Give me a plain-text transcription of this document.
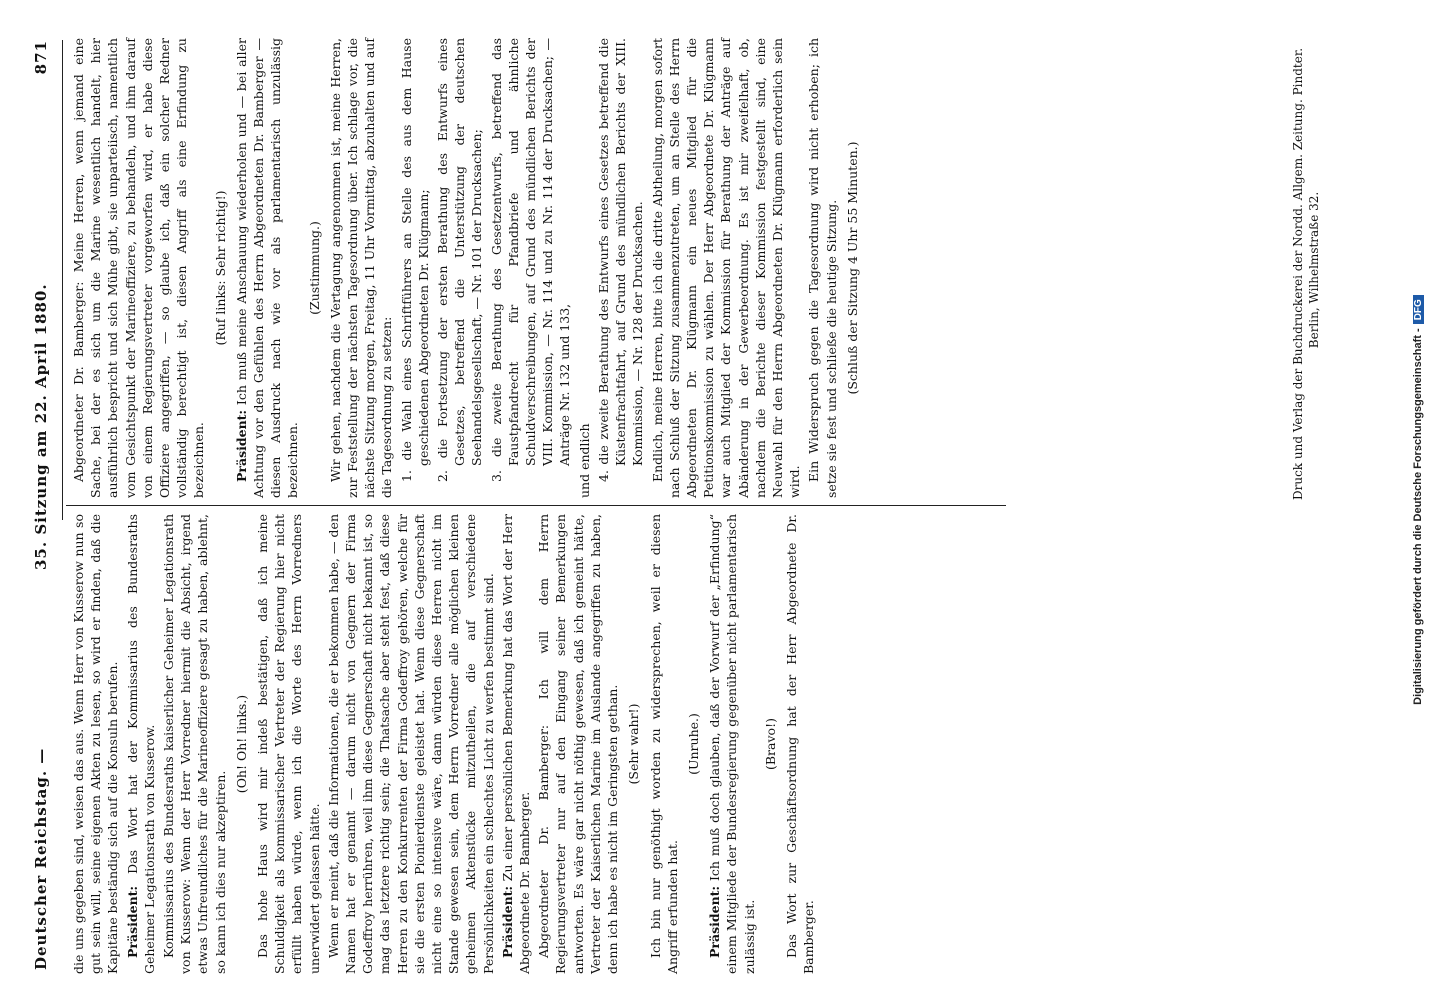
Deutscher Reichstag. —
35. Sitzung am 22. April 1880.
871

die uns gegeben sind, weisen das aus. Wenn Herr von Kusserow nun so gut sein will, seine eigenen Akten zu lesen, so wird er finden, daß die Kapitäne beständig sich auf die Konsuln berufen. Präsident: Das Wort hat der Kommissarius des Bundesraths Geheimer Legationsrath von Kusserow. Kommissarius des Bundesraths kaiserlicher Geheimer Legationsrath von Kusserow: Wenn der Herr Vorredner hiermit die Absicht, irgend etwas Unfreundliches für die Marineoffiziere gesagt zu haben, ablehnt, so kann ich dies nur akzeptiren.

(Oh! Oh! links.) Das hohe Haus wird mir indeß bestätigen, daß ich meine Schuldigkeit als kommissarischer Vertreter der Regierung hier nicht erfüllt haben würde, wenn ich die Worte des Herrn Vorredners unerwidert gelassen hätte. Wenn er meint, daß die Informationen, die er bekommen habe, — den Namen hat er genannt — darum nicht von Gegnern der Firma Godeffroy herrühren, weil ihm diese Gegnerschaft nicht bekannt ist, so mag das letztere richtig sein; die Thatsache aber steht fest, daß diese Herren zu den Konkurrenten der Firma Godeffroy gehören, welche für sie die ersten Pionierdienste geleistet hat. Wenn diese Gegnerschaft nicht eine so intensive wäre, dann würden diese Herren nicht im Stande gewesen sein, dem Herrn Vorredner alle möglichen kleinen geheimen Aktenstücke mitzutheilen, die auf verschiedene Persönlichkeiten ein schlechtes Licht zu werfen bestimmt sind. Präsident: Zu einer persönlichen Bemerkung hat das Wort der Herr Abgeordnete Dr. Bamberger. Abgeordneter Dr. Bamberger: Ich will dem Herrn Regierungsvertreter nur auf den Eingang seiner Bemerkungen antworten. Es wäre gar nicht nöthig gewesen, daß ich gemeint hätte, Vertreter der Kaiserlichen Marine im Auslande angegriffen zu haben, denn ich habe es nicht im Geringsten gethan. (Sehr wahr!) Ich bin nur genöthigt worden zu widersprechen, weil er diesen Angriff erfunden hat.

(Unruhe.)

Präsident: Ich muß doch glauben, daß der Vorwurf der „Erfindung“ einem Mitgliede der Bundesregierung gegenüber nicht parlamentarisch zulässig ist.

(Bravo!) Das Wort zur Geschäftsordnung hat der Herr Abgeordnete Dr. Bamberger.

Abgeordneter Dr. Bamberger: Meine Herren, wenn jemand eine Sache, bei der es sich um die Marine wesentlich handelt, hier ausführlich bespricht und sich Mühe gibt, sie unparteiisch, namentlich vom Gesichtspunkt der Marineoffiziere, zu behandeln, und ihm darauf von einem Regierungsvertreter vorgeworfen wird, er habe diese Offiziere angegriffen, — so glaube ich, daß ein solcher Redner vollständig berechtigt ist, diesen Angriff als eine Erfindung zu bezeichnen.

(Ruf links: Sehr richtig!)

Präsident: Ich muß meine Anschauung wiederholen und — bei aller Achtung vor den Gefühlen des Herrn Abgeordneten Dr. Bamberger — diesen Ausdruck nach wie vor als parlamentarisch unzulässig bezeichnen.

(Zustimmung.) Wir gehen, nachdem die Vertagung angenommen ist, meine Herren, zur Feststellung der nächsten Tagesordnung über. Ich schlage vor, die nächste Sitzung morgen, Freitag, 11 Uhr Vormittag, abzuhalten und auf die Tagesordnung zu setzen: 1. die Wahl eines Schriftführers an Stelle des aus dem Hause geschiedenen Abgeordneten Dr. Klügmann; 2. die Fortsetzung der ersten Berathung des Entwurfs eines Gesetzes, betreffend die Unterstützung der deutschen Seehandelsgesellschaft, — Nr. 101 der Drucksachen; 3. die zweite Berathung des Gesetzentwurfs, betreffend das Faustpfandrecht für Pfandbriefe und ähnliche Schuldverschreibungen, auf Grund des mündlichen Berichts der VIII. Kommission, — Nr. 114 und zu Nr. 114 der Drucksachen; — Anträge Nr. 132 und 133, und endlich 4. die zweite Berathung des Entwurfs eines Gesetzes betreffend die Küstenfrachtfahrt, auf Grund des mündlichen Berichts der XIII. Kommission, — Nr. 128 der Drucksachen. Endlich, meine Herren, bitte ich die dritte Abtheilung, morgen sofort nach Schluß der Sitzung zusammenzutreten, um an Stelle des Herrn Abgeordneten Dr. Klügmann ein neues Mitglied für die Petitionskommission zu wählen. Der Herr Abgeordnete Dr. Klügmann war auch Mitglied der Kommission für Berathung der Anträge auf Abänderung in der Gewerbeordnung. Es ist mir zweifelhaft, ob, nachdem die Berichte dieser Kommission festgestellt sind, eine Neuwahl für den Herrn Abgeordneten Dr. Klügmann erforderlich sein wird. Ein Widerspruch gegen die Tagesordnung wird nicht erhoben; ich setze sie fest und schließe die heutige Sitzung. (Schluß der Sitzung 4 Uhr 55 Minuten.)	Druck und Verlag der Buchdruckerei der Nordd. Allgem. Zeitung. Pindter. Berlin, Wilhelmstraße 32.
Digitalisierung gefördert durch die Deutsche Forschungsgemeinschaft -DFG
